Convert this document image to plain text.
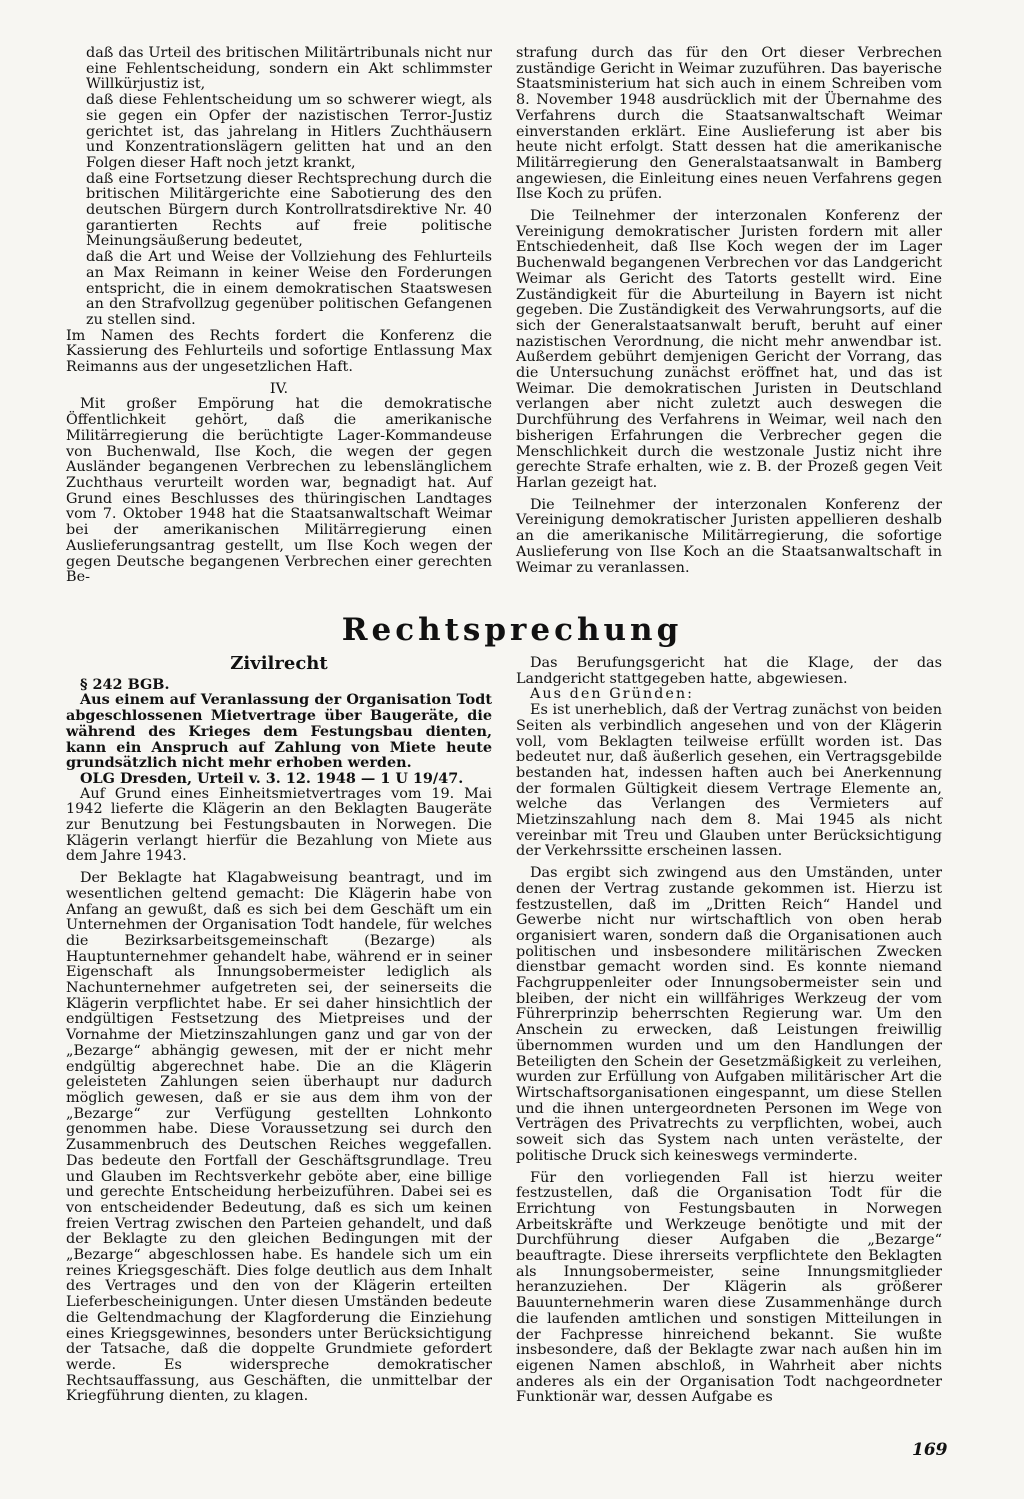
daß das Urteil des britischen Militärtribunals nicht nur eine Fehlentscheidung, sondern ein Akt schlimmster Willkürjustiz ist,

daß diese Fehlentscheidung um so schwerer wiegt, als sie gegen ein Opfer der nazistischen Terror-Justiz gerichtet ist, das jahrelang in Hitlers Zuchthäusern und Konzentrationslägern gelitten hat und an den Folgen dieser Haft noch jetzt krankt,

daß eine Fortsetzung dieser Rechtsprechung durch die britischen Militärgerichte eine Sabotierung des den deutschen Bürgern durch Kontrollratsdirektive Nr. 40 garantierten Rechts auf freie politische Meinungsäußerung bedeutet,

daß die Art und Weise der Vollziehung des Fehlurteils an Max Reimann in keiner Weise den Forderungen entspricht, die in einem demokratischen Staatswesen an den Strafvollzug gegenüber politischen Gefangenen zu stellen sind.

Im Namen des Rechts fordert die Konferenz die Kassierung des Fehlurteils und sofortige Entlassung Max Reimanns aus der ungesetzlichen Haft.

IV.

Mit großer Empörung hat die demokratische Öffentlichkeit gehört, daß die amerikanische Militärregierung die berüchtigte Lager-Kommandeuse von Buchenwald, Ilse Koch, die wegen der gegen Ausländer begangenen Verbrechen zu lebenslänglichem Zuchthaus verurteilt worden war, begnadigt hat. Auf Grund eines Beschlusses des thüringischen Landtages vom 7. Oktober 1948 hat die Staatsanwaltschaft Weimar bei der amerikanischen Militärregierung einen Auslieferungsantrag gestellt, um Ilse Koch wegen der gegen Deutsche begangenen Verbrechen einer gerechten Be-

strafung durch das für den Ort dieser Verbrechen zuständige Gericht in Weimar zuzuführen. Das bayerische Staatsministerium hat sich auch in einem Schreiben vom 8. November 1948 ausdrücklich mit der Übernahme des Verfahrens durch die Staatsanwaltschaft Weimar einverstanden erklärt. Eine Auslieferung ist aber bis heute nicht erfolgt. Statt dessen hat die amerikanische Militärregierung den Generalstaatsanwalt in Bamberg angewiesen, die Einleitung eines neuen Verfahrens gegen Ilse Koch zu prüfen.

Die Teilnehmer der interzonalen Konferenz der Vereinigung demokratischer Juristen fordern mit aller Entschiedenheit, daß Ilse Koch wegen der im Lager Buchenwald begangenen Verbrechen vor das Landgericht Weimar als Gericht des Tatorts gestellt wird. Eine Zuständigkeit für die Aburteilung in Bayern ist nicht gegeben. Die Zuständigkeit des Verwahrungsorts, auf die sich der Generalstaatsanwalt beruft, beruht auf einer nazistischen Verordnung, die nicht mehr anwendbar ist. Außerdem gebührt demjenigen Gericht der Vorrang, das die Untersuchung zunächst eröffnet hat, und das ist Weimar. Die demokratischen Juristen in Deutschland verlangen aber nicht zuletzt auch deswegen die Durchführung des Verfahrens in Weimar, weil nach den bisherigen Erfahrungen die Verbrecher gegen die Menschlichkeit durch die westzonale Justiz nicht ihre gerechte Strafe erhalten, wie z. B. der Prozeß gegen Veit Harlan gezeigt hat.

Die Teilnehmer der interzonalen Konferenz der Vereinigung demokratischer Juristen appellieren deshalb an die amerikanische Militärregierung, die sofortige Auslieferung von Ilse Koch an die Staatsanwaltschaft in Weimar zu veranlassen.

Rechtsprechung

Zivilrecht

§ 242 BGB.

Aus einem auf Veranlassung der Organisation Todt abgeschlossenen Mietvertrage über Baugeräte, die während des Krieges dem Festungsbau dienten, kann ein Anspruch auf Zahlung von Miete heute grundsätzlich nicht mehr erhoben werden.

OLG Dresden, Urteil v. 3. 12. 1948 — 1 U 19/47.

Auf Grund eines Einheitsmietvertrages vom 19. Mai 1942 lieferte die Klägerin an den Beklagten Baugeräte zur Benutzung bei Festungsbauten in Norwegen. Die Klägerin verlangt hierfür die Bezahlung von Miete aus dem Jahre 1943.

Der Beklagte hat Klagabweisung beantragt, und im wesentlichen geltend gemacht: Die Klägerin habe von Anfang an gewußt, daß es sich bei dem Geschäft um ein Unternehmen der Organisation Todt handele, für welches die Bezirksarbeitsgemeinschaft (Bezarge) als Hauptunternehmer gehandelt habe, während er in seiner Eigenschaft als Innungsobermeister lediglich als Nachunternehmer aufgetreten sei, der seinerseits die Klägerin verpflichtet habe. Er sei daher hinsichtlich der endgültigen Festsetzung des Mietpreises und der Vornahme der Mietzinszahlungen ganz und gar von der „Bezarge“ abhängig gewesen, mit der er nicht mehr endgültig abgerechnet habe. Die an die Klägerin geleisteten Zahlungen seien überhaupt nur dadurch möglich gewesen, daß er sie aus dem ihm von der „Bezarge“ zur Verfügung gestellten Lohnkonto genommen habe. Diese Voraussetzung sei durch den Zusammenbruch des Deutschen Reiches weggefallen. Das bedeute den Fortfall der Geschäftsgrundlage. Treu und Glauben im Rechtsverkehr geböte aber, eine billige und gerechte Entscheidung herbeizuführen. Dabei sei es von entscheidender Bedeutung, daß es sich um keinen freien Vertrag zwischen den Parteien gehandelt, und daß der Beklagte zu den gleichen Bedingungen mit der „Bezarge“ abgeschlossen habe. Es handele sich um ein reines Kriegsgeschäft. Dies folge deutlich aus dem Inhalt des Vertrages und den von der Klägerin erteilten Lieferbescheinigungen. Unter diesen Umständen bedeute die Geltendmachung der Klagforderung die Einziehung eines Kriegsgewinnes, besonders unter Berücksichtigung der Tatsache, daß die doppelte Grundmiete gefordert werde. Es widerspreche demokratischer Rechtsauffassung, aus Geschäften, die unmittelbar der Kriegführung dienten, zu klagen.

Das Berufungsgericht hat die Klage, der das Landgericht stattgegeben hatte, abgewiesen.

Aus den Gründen:

Es ist unerheblich, daß der Vertrag zunächst von beiden Seiten als verbindlich angesehen und von der Klägerin voll, vom Beklagten teilweise erfüllt worden ist. Das bedeutet nur, daß äußerlich gesehen, ein Vertragsgebilde bestanden hat, indessen haften auch bei Anerkennung der formalen Gültigkeit diesem Vertrage Elemente an, welche das Verlangen des Vermieters auf Mietzinszahlung nach dem 8. Mai 1945 als nicht vereinbar mit Treu und Glauben unter Berücksichtigung der Verkehrssitte erscheinen lassen.

Das ergibt sich zwingend aus den Umständen, unter denen der Vertrag zustande gekommen ist. Hierzu ist festzustellen, daß im „Dritten Reich“ Handel und Gewerbe nicht nur wirtschaftlich von oben herab organisiert waren, sondern daß die Organisationen auch politischen und insbesondere militärischen Zwecken dienstbar gemacht worden sind. Es konnte niemand Fachgruppenleiter oder Innungsobermeister sein und bleiben, der nicht ein willfähriges Werkzeug der vom Führerprinzip beherrschten Regierung war. Um den Anschein zu erwecken, daß Leistungen freiwillig übernommen wurden und um den Handlungen der Beteiligten den Schein der Gesetzmäßigkeit zu verleihen, wurden zur Erfüllung von Aufgaben militärischer Art die Wirtschaftsorganisationen eingespannt, um diese Stellen und die ihnen untergeordneten Personen im Wege von Verträgen des Privatrechts zu verpflichten, wobei, auch soweit sich das System nach unten verästelte, der politische Druck sich keineswegs verminderte.

Für den vorliegenden Fall ist hierzu weiter festzustellen, daß die Organisation Todt für die Errichtung von Festungsbauten in Norwegen Arbeitskräfte und Werkzeuge benötigte und mit der Durchführung dieser Aufgaben die „Bezarge“ beauftragte. Diese ihrerseits verpflichtete den Beklagten als Innungsobermeister, seine Innungsmitglieder heranzuziehen. Der Klägerin als größerer Bauunternehmerin waren diese Zusammenhänge durch die laufenden amtlichen und sonstigen Mitteilungen in der Fachpresse hinreichend bekannt. Sie wußte insbesondere, daß der Beklagte zwar nach außen hin im eigenen Namen abschloß, in Wahrheit aber nichts anderes als ein der Organisation Todt nachgeordneter Funktionär war, dessen Aufgabe es

169
